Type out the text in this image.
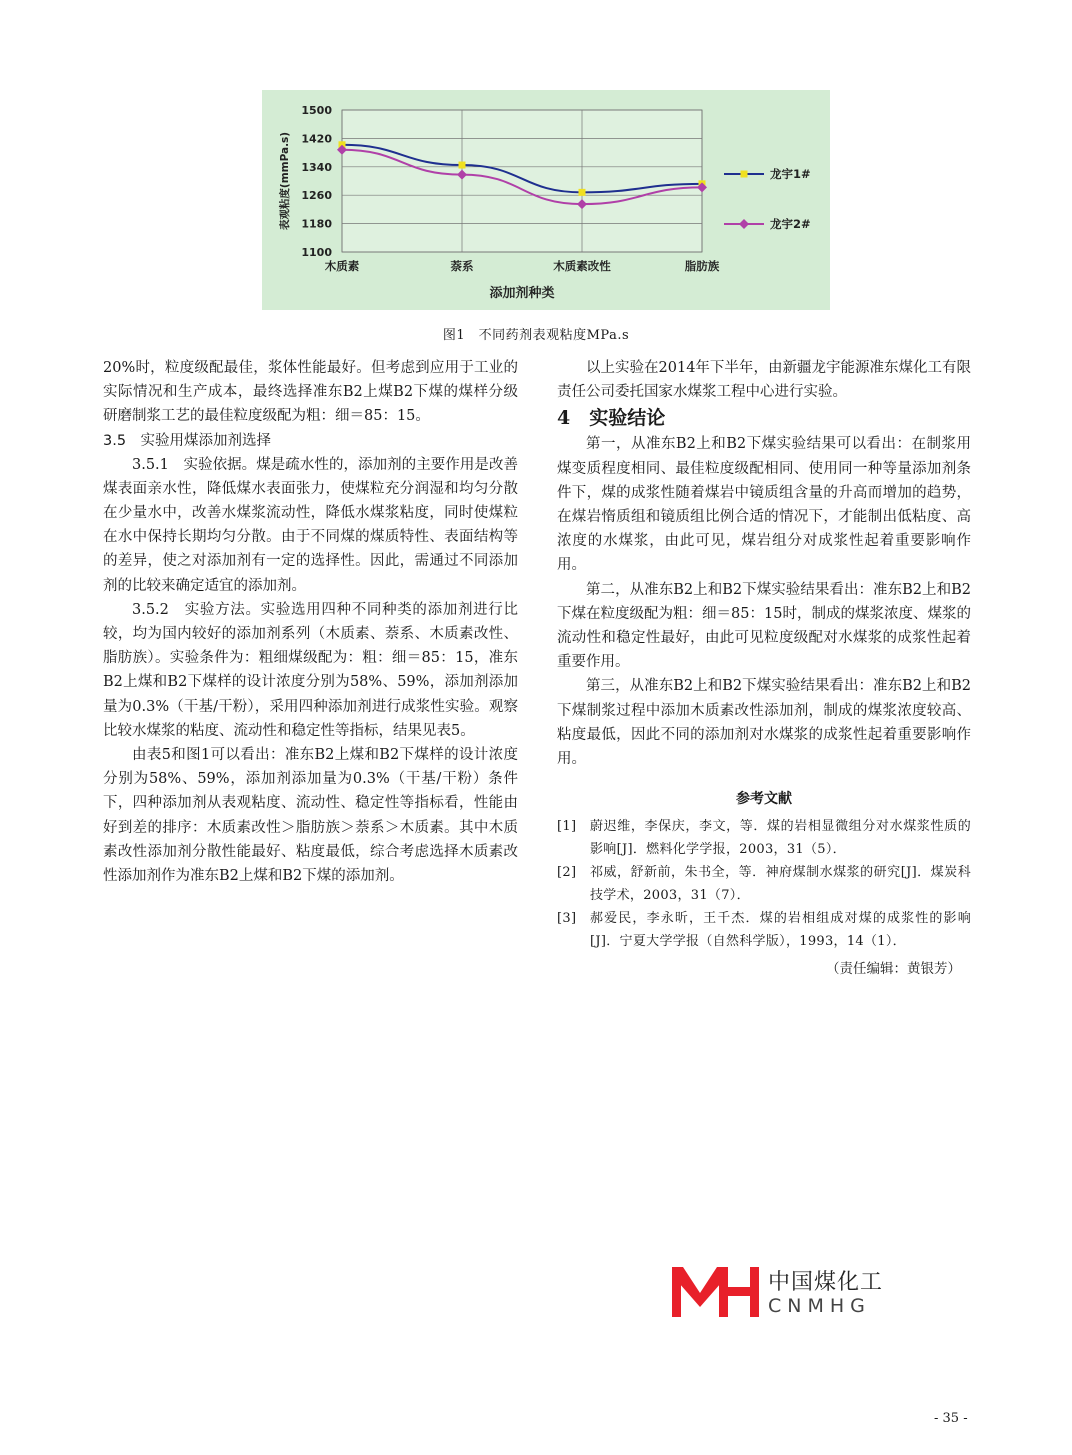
1100
1180
1260
1340
1420
1500
木质素	萘系	木质素改性	脂肪族
添加剂种类
表观粘度(mmPa.s)	龙宇1#
龙宇2#
图1　不同药剂表观粘度MPa.s

20%时，粒度级配最佳，浆体性能最好。但考虑到应用于工业的实际情况和生产成本，最终选择准东B2上煤B2下煤的煤样分级研磨制浆工艺的最佳粒度级配为粗：细＝85：15。

3.5　实验用煤添加剂选择

3.5.1　实验依据。煤是疏水性的，添加剂的主要作用是改善煤表面亲水性，降低煤水表面张力，使煤粒充分润湿和均匀分散在少量水中，改善水煤浆流动性，降低水煤浆粘度，同时使煤粒在水中保持长期均匀分散。由于不同煤的煤质特性、表面结构等的差异，使之对添加剂有一定的选择性。因此，需通过不同添加剂的比较来确定适宜的添加剂。

3.5.2　实验方法。实验选用四种不同种类的添加剂进行比较，均为国内较好的添加剂系列（木质素、萘系、木质素改性、脂肪族）。实验条件为：粗细煤级配为：粗：细＝85：15，准东B2上煤和B2下煤样的设计浓度分别为58%、59%，添加剂添加量为0.3%（干基/干粉），采用四种添加剂进行成浆性实验。观察比较水煤浆的粘度、流动性和稳定性等指标，结果见表5。

由表5和图1可以看出：准东B2上煤和B2下煤样的设计浓度分别为58%、59%，添加剂添加量为0.3%（干基/干粉）条件下，四种添加剂从表观粘度、流动性、稳定性等指标看，性能由好到差的排序：木质素改性＞脂肪族＞萘系＞木质素。其中木质素改性添加剂分散性能最好、粘度最低，综合考虑选择木质素改性添加剂作为准东B2上煤和B2下煤的添加剂。

以上实验在2014年下半年，由新疆龙宇能源准东煤化工有限责任公司委托国家水煤浆工程中心进行实验。

4　实验结论

第一，从准东B2上和B2下煤实验结果可以看出：在制浆用煤变质程度相同、最佳粒度级配相同、使用同一种等量添加剂条件下，煤的成浆性随着煤岩中镜质组含量的升高而增加的趋势，在煤岩惰质组和镜质组比例合适的情况下，才能制出低粘度、高浓度的水煤浆，由此可见，煤岩组分对成浆性起着重要影响作用。

第二，从准东B2上和B2下煤实验结果看出：准东B2上和B2下煤在粒度级配为粗：细＝85：15时，制成的煤浆浓度、煤浆的流动性和稳定性最好，由此可见粒度级配对水煤浆的成浆性起着重要作用。

第三，从准东B2上和B2下煤实验结果看出：准东B2上和B2下煤制浆过程中添加木质素改性添加剂，制成的煤浆浓度较高、粘度最低，因此不同的添加剂对水煤浆的成浆性起着重要影响作用。

参考文献
[1]	蔚迟维，李保庆，李文，等．煤的岩相显微组分对水煤浆性质的影响[J]．燃料化学学报，2003，31（5）．
[2]	祁威，舒新前，朱书全，等．神府煤制水煤浆的研究[J]．煤炭科技学术，2003，31（7）．
[3]	郝爱民，李永昕，王千杰．煤的岩相组成对煤的成浆性的影响[J]．宁夏大学学报（自然科学版），1993，14（1）．
（责任编辑：黄银芳）
中国煤化工
CNMHG
- 35 -
